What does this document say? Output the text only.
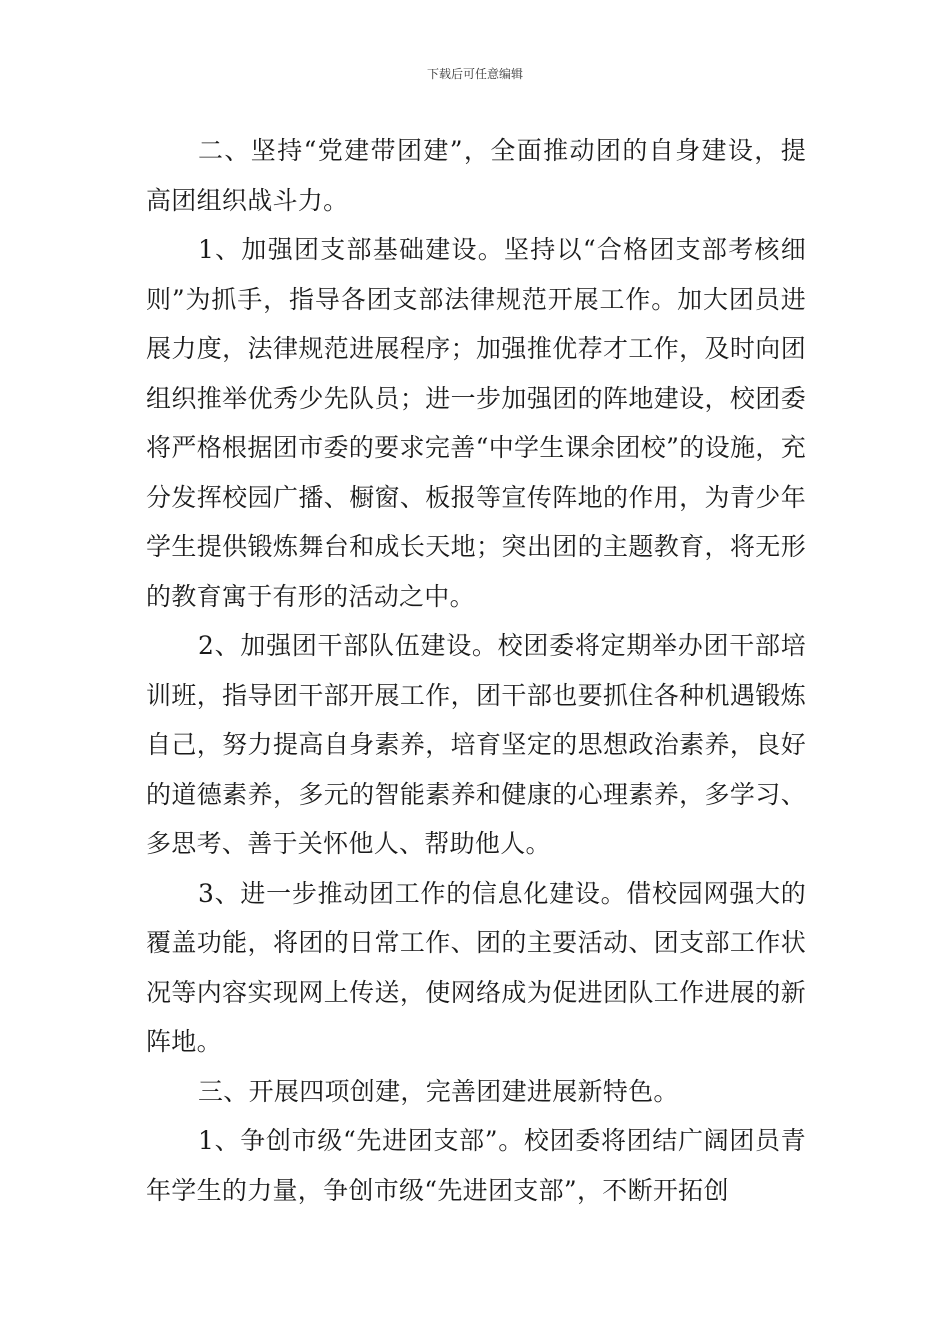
下载后可任意编辑

二、坚持“党建带团建”，全面推动团的自身建设，提高团组织战斗力。

1、加强团支部基础建设。坚持以“合格团支部考核细则”为抓手，指导各团支部法律规范开展工作。加大团员进展力度，法律规范进展程序；加强推优荐才工作，及时向团组织推举优秀少先队员；进一步加强团的阵地建设，校团委将严格根据团市委的要求完善“中学生课余团校”的设施，充分发挥校园广播、橱窗、板报等宣传阵地的作用，为青少年学生提供锻炼舞台和成长天地；突出团的主题教育，将无形的教育寓于有形的活动之中。

2、加强团干部队伍建设。校团委将定期举办团干部培训班，指导团干部开展工作，团干部也要抓住各种机遇锻炼自己，努力提高自身素养，培育坚定的思想政治素养，良好的道德素养，多元的智能素养和健康的心理素养，多学习、多思考、善于关怀他人、帮助他人。

3、进一步推动团工作的信息化建设。借校园网强大的覆盖功能，将团的日常工作、团的主要活动、团支部工作状况等内容实现网上传送，使网络成为促进团队工作进展的新阵地。

三、开展四项创建，完善团建进展新特色。

1、争创市级“先进团支部”。校团委将团结广阔团员青年学生的力量，争创市级“先进团支部”，不断开拓创
